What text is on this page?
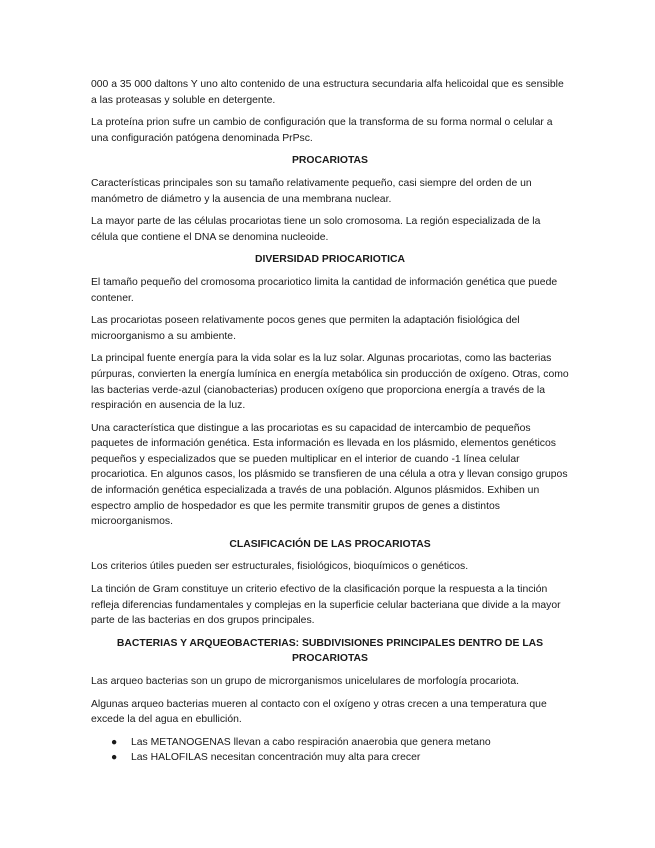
000 a 35 000 daltons Y uno alto contenido de una estructura secundaria alfa helicoidal que es sensible a las proteasas y soluble en detergente.

La proteína prion sufre un cambio de configuración que la transforma de su forma normal o celular a una configuración patógena denominada PrPsc.

PROCARIOTAS

Características principales son su tamaño relativamente pequeño, casi siempre del orden de un manómetro de diámetro y la ausencia de una membrana nuclear.

La mayor parte de las células procariotas tiene un solo cromosoma. La región especializada de la célula que contiene el DNA se denomina nucleoide.

DIVERSIDAD PRIOCARIOTICA

El tamaño pequeño del cromosoma procariotico limita la cantidad de información genética que puede contener.

Las procariotas poseen relativamente pocos genes que permiten la adaptación fisiológica del microorganismo a su ambiente.

La principal fuente energía para la vida solar es la luz solar. Algunas procariotas, como las bacterias púrpuras, convierten la energía lumínica en energía metabólica sin producción de oxígeno. Otras, como las bacterias verde-azul (cianobacterias) producen oxígeno que proporciona energía a través de la respiración en ausencia de la luz.

Una característica que distingue a las procariotas es su capacidad de intercambio de pequeños paquetes de información genética. Esta información es llevada en los plásmido, elementos genéticos pequeños y especializados que se pueden multiplicar en el interior de cuando -1 línea celular procariotica. En algunos casos, los plásmido se transfieren de una célula a otra y llevan consigo grupos de información genética especializada a través de una población. Algunos plásmidos. Exhiben un espectro amplio de hospedador es que les permite transmitir grupos de genes a distintos microorganismos.

CLASIFICACIÓN DE LAS PROCARIOTAS

Los criterios útiles pueden ser estructurales, fisiológicos, bioquímicos o genéticos.

La tinción de Gram constituye un criterio efectivo de la clasificación porque la respuesta a la tinción refleja diferencias fundamentales y complejas en la superficie celular bacteriana que divide a la mayor parte de las bacterias en dos grupos principales.

BACTERIAS Y ARQUEOBACTERIAS: SUBDIVISIONES PRINCIPALES DENTRO DE LAS PROCARIOTAS

Las arqueo bacterias son un grupo de microrganismos unicelulares de morfología procariota.

Algunas arqueo bacterias mueren al contacto con el oxígeno y otras crecen a una temperatura que excede la del agua en ebullición.

● Las METANOGENAS llevan a cabo respiración anaerobia que genera metano
● Las HALOFILAS necesitan concentración muy alta para crecer
